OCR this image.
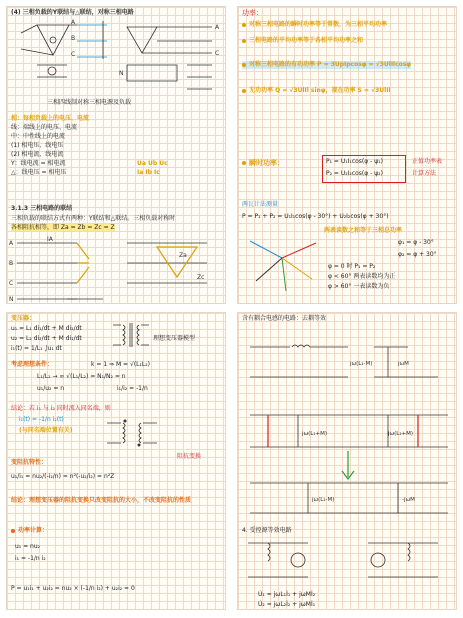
(4) 三相负载的Y联结与△联结，对称三相电路
A
B
C
A
C
N
三相四线制对称三相电源及负载
相：每相负载上的电压、电流
线：端线上的电压、电流
中：中性线上的电流
(1) 相电压、线电压
(2) 相电流、线电流
Y：线电流 = 相电流
△：线电压 = 相电压
Ua Ub Uc
Ia Ib Ic
3.1.3 三相电路的联结
三相负载的联结方式有两种：Y联结和△联结。三相负载对称时
各相阻抗相等，即 Za = Zb = Zc = Z
A
B
C
N
IA
Za
Zc
功率：
对称三相电路的瞬时功率等于常数，为三相平均功率
三相电路的平均功率等于各相平均功率之和
对称三相电路的有功功率 P = 3UpIpcosφ = √3UlIlcosφ
无功功率 Q = √3UlIl sinφ，视在功率 S = √3UlIl
瞬时功率：	P₁ = U₁I₁cos(φ - ψ₁)
P₂ = U₂I₂cos(φ - ψ₂)
正值功率表
计算方法
两瓦计法测量
P = P₁ + P₂ = U₁I₁cos(φ - 30°) + U₂I₂cos(φ + 30°)
两表读数之和等于三相总功率
φ₁ = φ - 30°
φ₂ = φ + 30°
φ = 0 时 P₁ = P₂
φ < 60° 两表读数均为正
φ > 60° 一表读数为负
变压器：
u₁ = L₁ di₁/dt + M di₂/dt
u₂ = L₂ di₂/dt + M di₁/dt
i₁(t) = 1/L₁ ∫u₁ dt
理想变压器模型
考虑理想条件：	k = 1 ⇒ M = √(L₁L₂)
L₁/L₂ → ∞ √(L₁/L₂) = N₁/N₂ = n
u₁/u₂ = n	i₁/i₂ = -1/n
结论：若 i₁ 与 i₂ 同时流入同名端，则
i₁(t) = -1/n i₂(t)
(与同名端位置有关)
变阻抗特性：
u₁/i₁ = nu₂/(-i₂/n) = n²(-u₂/i₂) = n²Z
阻抗变换
结论：理想变压器的阻抗变换只改变阻抗的大小，不改变阻抗的性质
功率计算：
u₁ = nu₂
i₁ = -1/n i₂
P = u₁i₁ + u₂i₂ = nu₂ × (-1/n i₂) + u₂i₂ = 0
含有耦合电感的电路：去耦等效
jω(L₁-M)	jωM
jω(L₁+M)	jω(L₂+M)
jω(L₂-M)	-jωM
4. 受控源等效电路
U̇₁ = jωL₁İ₁ + jωMİ₂
U̇₂ = jωL₂İ₂ + jωMİ₁
